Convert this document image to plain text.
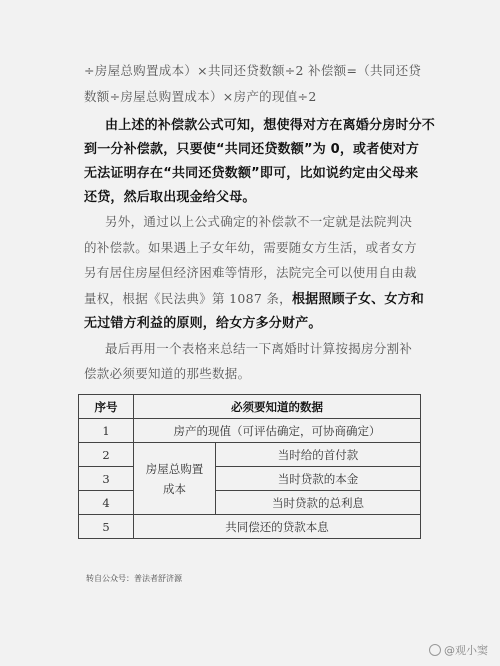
÷房屋总购置成本）×共同还贷数额÷2 补偿额=（共同还贷
数额÷房屋总购置成本）×房产的现值÷2
由上述的补偿款公式可知，想使得对方在离婚分房时分不
到一分补偿款，只要使“共同还贷数额”为 0，或者使对方
无法证明存在“共同还贷数额”即可，比如说约定由父母来
还贷，然后取出现金给父母。
另外，通过以上公式确定的补偿款不一定就是法院判决
的补偿款。如果遇上子女年幼，需要随女方生活，或者女方
另有居住房屋但经济困难等情形，法院完全可以使用自由裁
量权，根据《民法典》第 1087 条，根据照顾子女、女方和
无过错方利益的原则，给女方多分财产。
最后再用一个表格来总结一下离婚时计算按揭房分割补
偿款必须要知道的那些数据。
序号	必须要知道的数据	
1	房产的现值（可评估确定，可协商确定）	
2	房屋总购置成本	当时给的首付款
3		当时贷款的本金
4		当时贷款的总利息
5	共同偿还的贷款本息	
转自公众号：普法者舒济源
@观小窦
